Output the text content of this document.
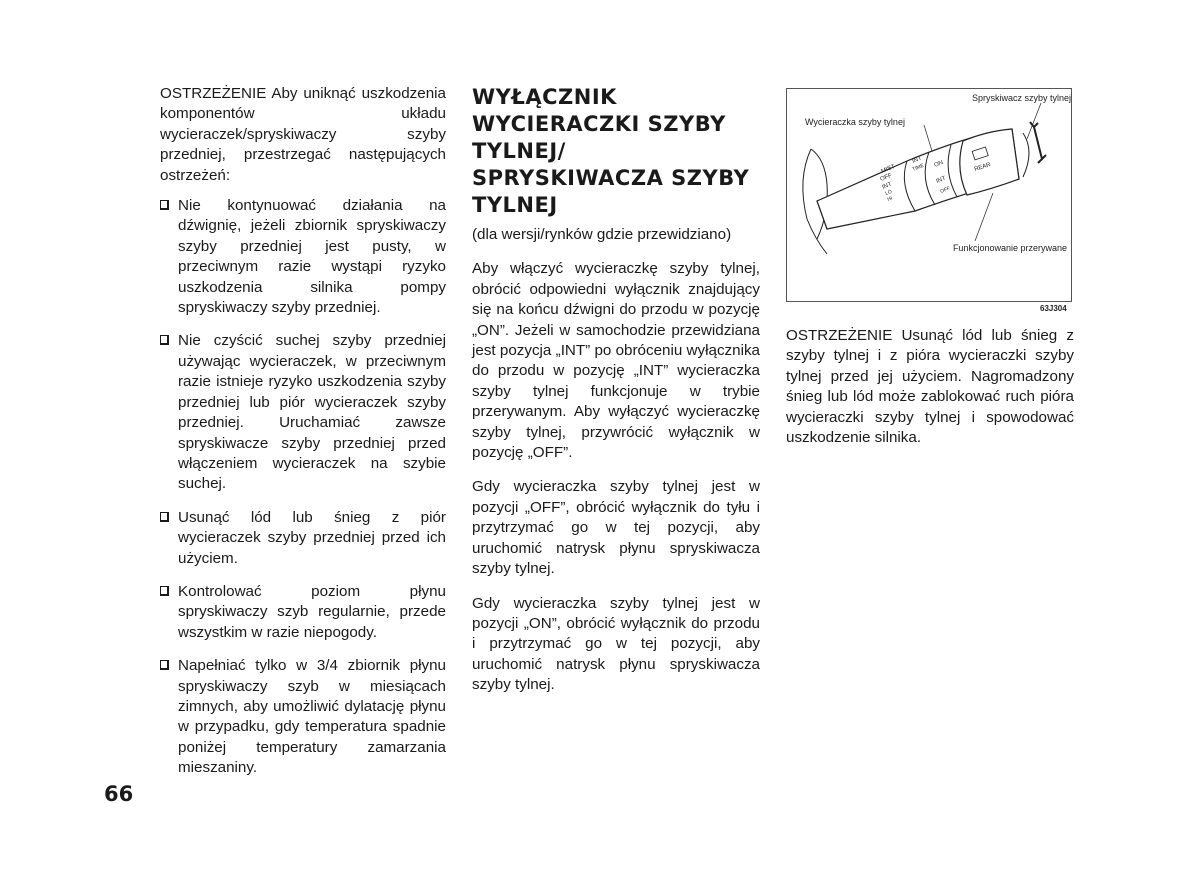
OSTRZEŻENIE Aby uniknąć uszkodzenia komponentów układu wycieraczek/spryskiwaczy szyby przedniej, przestrzegać następujących ostrzeżeń:

Nie kontynuować działania na dźwignię, jeżeli zbiornik spryskiwaczy szyby przedniej jest pusty, w przeciwnym razie wystąpi ryzyko uszkodzenia silnika pompy spryskiwaczy szyby przedniej.
Nie czyścić suchej szyby przedniej używając wycieraczek, w przeciwnym razie istnieje ryzyko uszkodzenia szyby przedniej lub piór wycieraczek szyby przedniej. Uruchamiać zawsze spryskiwacze szyby przedniej przed włączeniem wycieraczek na szybie suchej.
Usunąć lód lub śnieg z piór wycieraczek szyby przedniej przed ich użyciem.
Kontrolować poziom płynu spryskiwaczy szyb regularnie, przede wszystkim w razie niepogody.
Napełniać tylko w 3/4 zbiornik płynu spryskiwaczy szyb w miesiącach zimnych, aby umożliwić dylatację płynu w przypadku, gdy temperatura spadnie poniżej temperatury zamarzania mieszaniny.
WYŁĄCZNIK WYCIERACZKI SZYBY TYLNEJ/ SPRYSKIWACZA SZYBY TYLNEJ

(dla wersji/rynków gdzie przewidziano)

Aby włączyć wycieraczkę szyby tylnej, obrócić odpowiedni wyłącznik znajdujący się na końcu dźwigni do przodu w pozycję „ON”. Jeżeli w samochodzie przewidziana jest pozycja „INT” po obróceniu wyłącznika do przodu w pozycję „INT” wycieraczka szyby tylnej funkcjonuje w trybie przerywanym. Aby wyłączyć wycieraczkę szyby tylnej, przywrócić wyłącznik w pozycję „OFF”.

Gdy wycieraczka szyby tylnej jest w pozycji „OFF”, obrócić wyłącznik do tyłu i przytrzymać go w tej pozycji, aby uruchomić natrysk płynu spryskiwacza szyby tylnej.

Gdy wycieraczka szyby tylnej jest w pozycji „ON”, obrócić wyłącznik do przodu i przytrzymać go w tej pozycji, aby uruchomić natrysk płynu spryskiwacza szyby tylnej.

MIST
OFF
INT
LO
HI
INT
TIME ON
INT
OFF
REAR
Spryskiwacz szyby tylnej
Wycieraczka szyby tylnej
Funkcjonowanie przerywane
63J304

OSTRZEŻENIE Usunąć lód lub śnieg z szyby tylnej i z pióra wycieraczki szyby tylnej przed jej użyciem. Nagromadzony śnieg lub lód może zablokować ruch pióra wycieraczki szyby tylnej i spowodować uszkodzenie silnika.

66
